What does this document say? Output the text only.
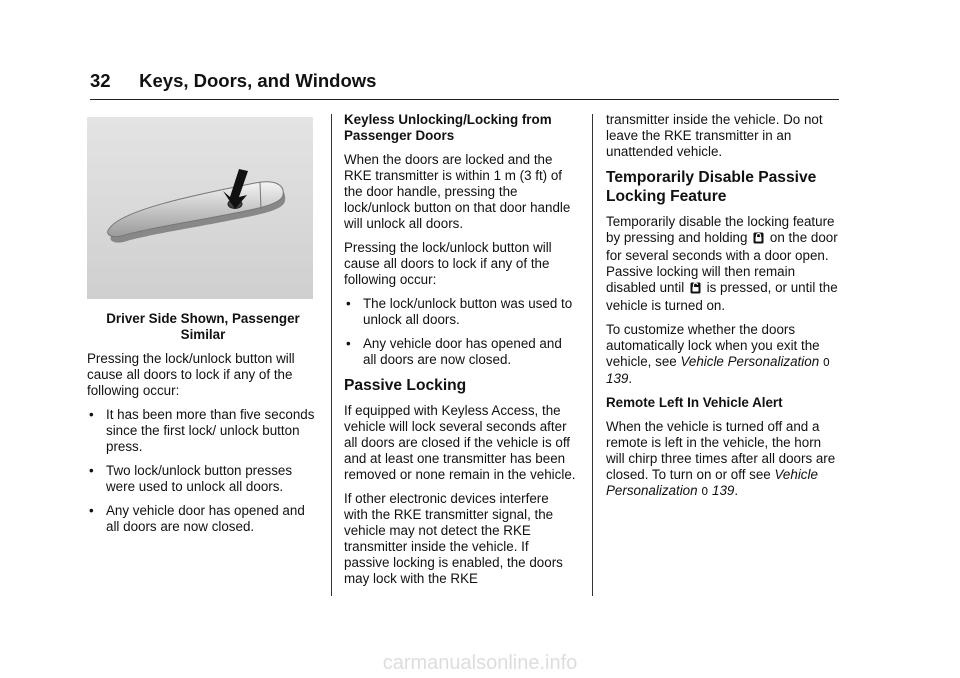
32 Keys, Doors, and Windows

Driver Side Shown, Passenger Similar

Pressing the lock/unlock button will cause all doors to lock if any of the following occur:

• It has been more than five seconds since the first lock/ unlock button press.
• Two lock/unlock button presses were used to unlock all doors.
• Any vehicle door has opened and all doors are now closed.

Keyless Unlocking/Locking from Passenger Doors

When the doors are locked and the RKE transmitter is within 1 m (3 ft) of the door handle, pressing the lock/unlock button on that door handle will unlock all doors.

Pressing the lock/unlock button will cause all doors to lock if any of the following occur:

• The lock/unlock button was used to unlock all doors.
• Any vehicle door has opened and all doors are now closed.
Passive Locking

If equipped with Keyless Access, the vehicle will lock several seconds after all doors are closed if the vehicle is off and at least one transmitter has been removed or none remain in the vehicle.

If other electronic devices interfere with the RKE transmitter signal, the vehicle may not detect the RKE transmitter inside the vehicle. If passive locking is enabled, the doors may lock with the RKE

transmitter inside the vehicle. Do not leave the RKE transmitter in an unattended vehicle.

Temporarily Disable Passive Locking Feature

Temporarily disable the locking feature by pressing and holding on the door for several seconds with a door open. Passive locking will then remain disabled until is pressed, or until the vehicle is turned on.

To customize whether the doors automatically lock when you exit the vehicle, see Vehicle Personalization 0 139.

Remote Left In Vehicle Alert

When the vehicle is turned off and a remote is left in the vehicle, the horn will chirp three times after all doors are closed. To turn on or off see Vehicle Personalization 0 139.

carmanualsonline.info
